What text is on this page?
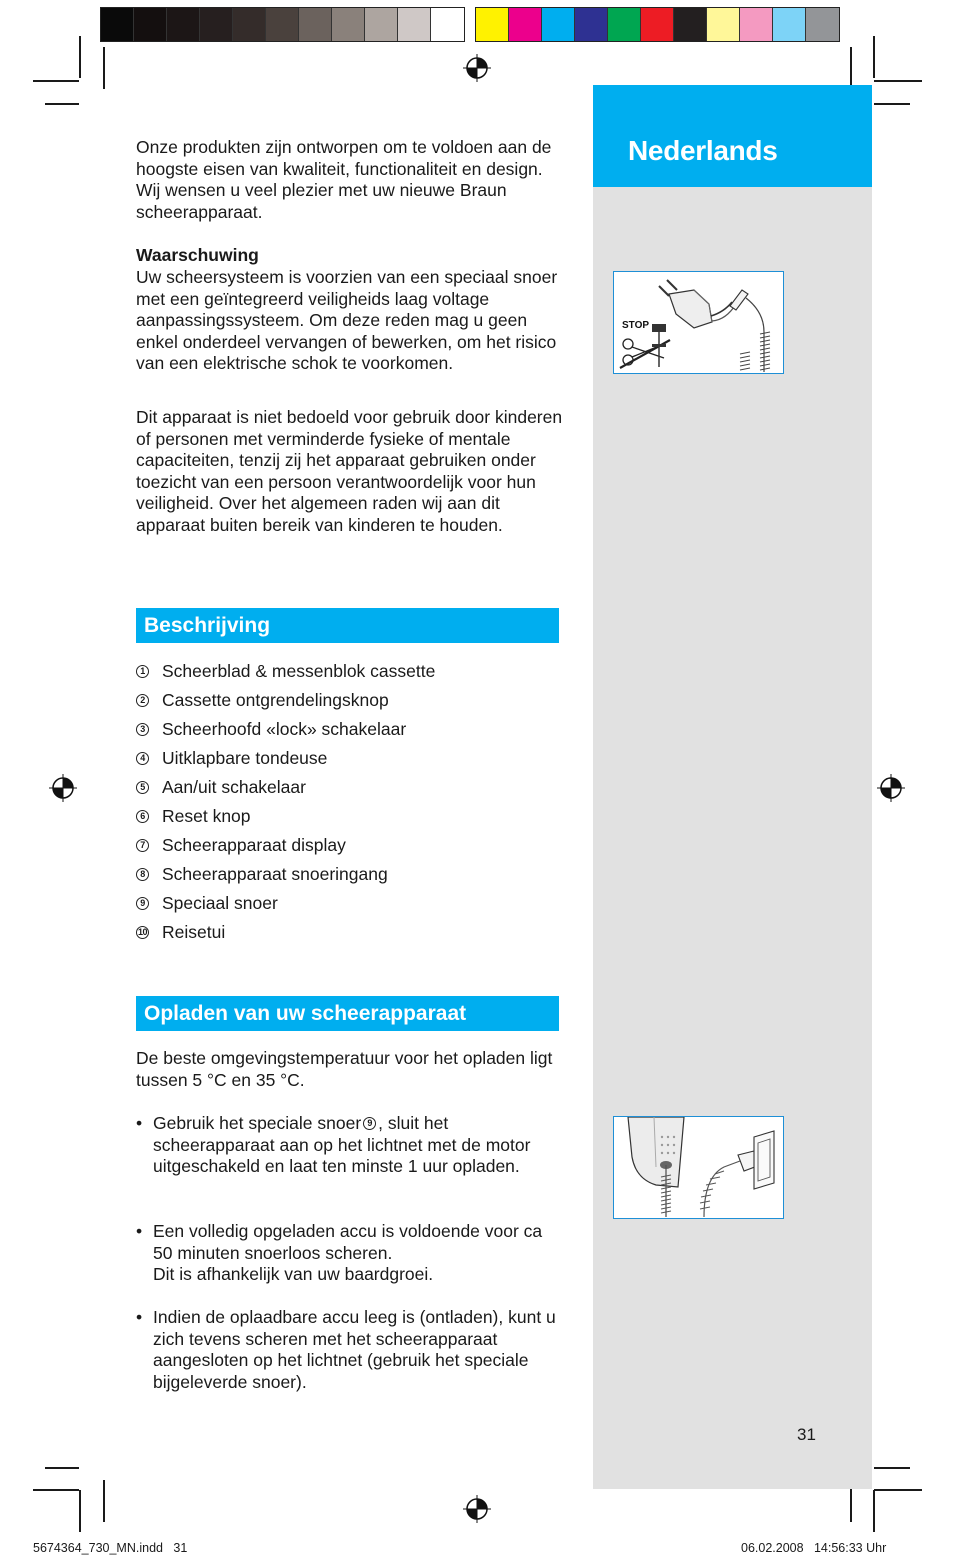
Nederlands
STOP

Onze produkten zijn ontworpen om te voldoen aan de hoogste eisen van kwaliteit, functionaliteit en design. Wij wensen u veel plezier met uw nieuwe Braun scheerapparaat.

Waarschuwing

Uw scheersysteem is voorzien van een speciaal snoer met een geïntegreerd veiligheids laag voltage aanpassingssysteem. Om deze reden mag u geen enkel onderdeel vervangen of bewerken, om het risico van een elektrische schok te voorkomen.

Dit apparaat is niet bedoeld voor gebruik door kinderen of personen met verminderde fysieke of mentale capaciteiten, tenzij zij het apparaat gebruiken onder toezicht van een persoon verantwoordelijk voor hun veiligheid. Over het algemeen raden wij aan dit apparaat buiten bereik van kinderen te houden.

Beschrijving
1 Scheerblad & messenblok cassette
2 Cassette ontgrendelingsknop
3 Scheerhoofd «lock» schakelaar
4 Uitklapbare tondeuse
5 Aan/uit schakelaar
6 Reset knop
7 Scheerapparaat display
8 Scheerapparaat snoeringang
9 Speciaal snoer
10 Reisetui
Opladen van uw scheerapparaat

De beste omgevingstemperatuur voor het opladen ligt tussen 5 °C en 35 °C.

• Gebruik het speciale snoer 9 , sluit het scheerapparaat aan op het lichtnet met de motor uitgeschakeld en laat ten minste 1 uur opladen.
• Een volledig opgeladen accu is voldoende voor ca 50 minuten snoerloos scheren.
Dit is afhankelijk van uw baardgroei.
• Indien de oplaadbare accu leeg is (ontladen), kunt u zich tevens scheren met het scheerapparaat aangesloten op het lichtnet (gebruik het speciale bijgeleverde snoer).
31
5674364_730_MN.indd   31	06.02.2008   14:56:33 Uhr
